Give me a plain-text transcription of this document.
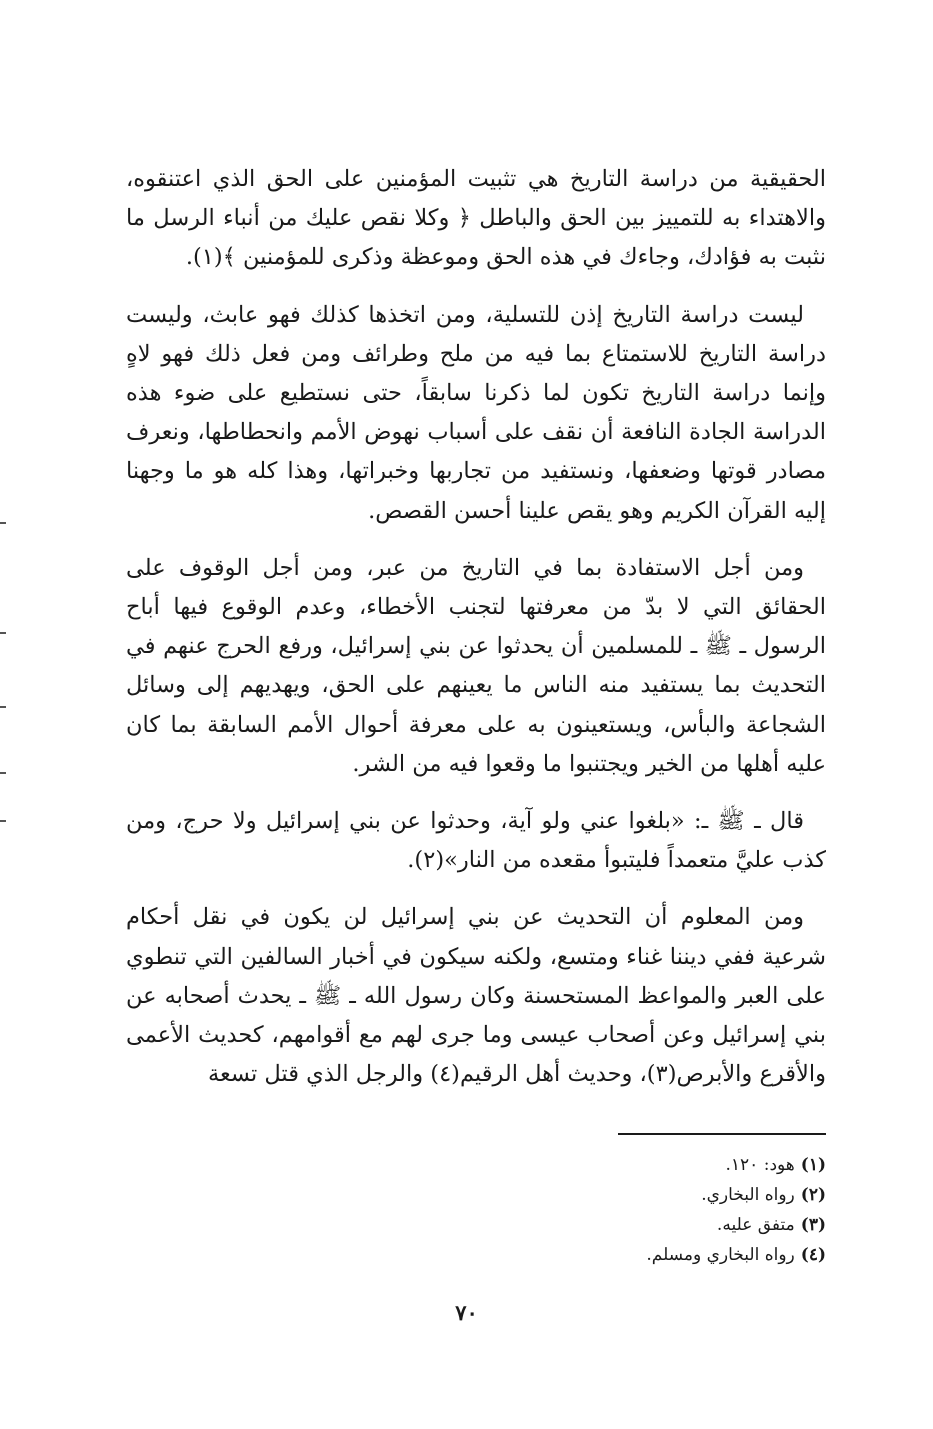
الحقيقية من دراسة التاريخ هي تثبيت المؤمنين على الحق الذي اعتنقوه، والاهتداء به للتمييز بين الحق والباطل ﴿ وكلا نقص عليك من أنباء الرسل ما نثبت به فؤادك، وجاءك في هذه الحق وموعظة وذكرى للمؤمنين ﴾(١).

ليست دراسة التاريخ إذن للتسلية، ومن اتخذها كذلك فهو عابث، وليست دراسة التاريخ للاستمتاع بما فيه من ملح وطرائف ومن فعل ذلك فهو لاهٍ وإنما دراسة التاريخ تكون لما ذكرنا سابقاً، حتى نستطيع على ضوء هذه الدراسة الجادة النافعة أن نقف على أسباب نهوض الأمم وانحطاطها، ونعرف مصادر قوتها وضعفها، ونستفيد من تجاربها وخبراتها، وهذا كله هو ما وجهنا إليه القرآن الكريم وهو يقص علينا أحسن القصص.

ومن أجل الاستفادة بما في التاريخ من عبر، ومن أجل الوقوف على الحقائق التي لا بدّ من معرفتها لتجنب الأخطاء، وعدم الوقوع فيها أباح الرسول ـ ﷺ ـ للمسلمين أن يحدثوا عن بني إسرائيل، ورفع الحرج عنهم في التحديث بما يستفيد منه الناس ما يعينهم على الحق، ويهديهم إلى وسائل الشجاعة والبأس، ويستعينون به على معرفة أحوال الأمم السابقة بما كان عليه أهلها من الخير ويجتنبوا ما وقعوا فيه من الشر.

قال ـ ﷺ ـ: «بلغوا عني ولو آية، وحدثوا عن بني إسرائيل ولا حرج، ومن كذب عليَّ متعمداً فليتبوأ مقعده من النار»(٢).

ومن المعلوم أن التحديث عن بني إسرائيل لن يكون في نقل أحكام شرعية ففي ديننا غناء ومتسع، ولكنه سيكون في أخبار السالفين التي تنطوي على العبر والمواعظ المستحسنة وكان رسول الله ـ ﷺ ـ يحدث أصحابه عن بني إسرائيل وعن أصحاب عيسى وما جرى لهم مع أقوامهم، كحديث الأعمى والأقرع والأبرص(٣)، وحديث أهل الرقيم(٤) والرجل الذي قتل تسعة

(١)هود: ١٢٠.

(٢)رواه البخاري.

(٣)متفق عليه.

(٤)رواه البخاري ومسلم.

٧٠
